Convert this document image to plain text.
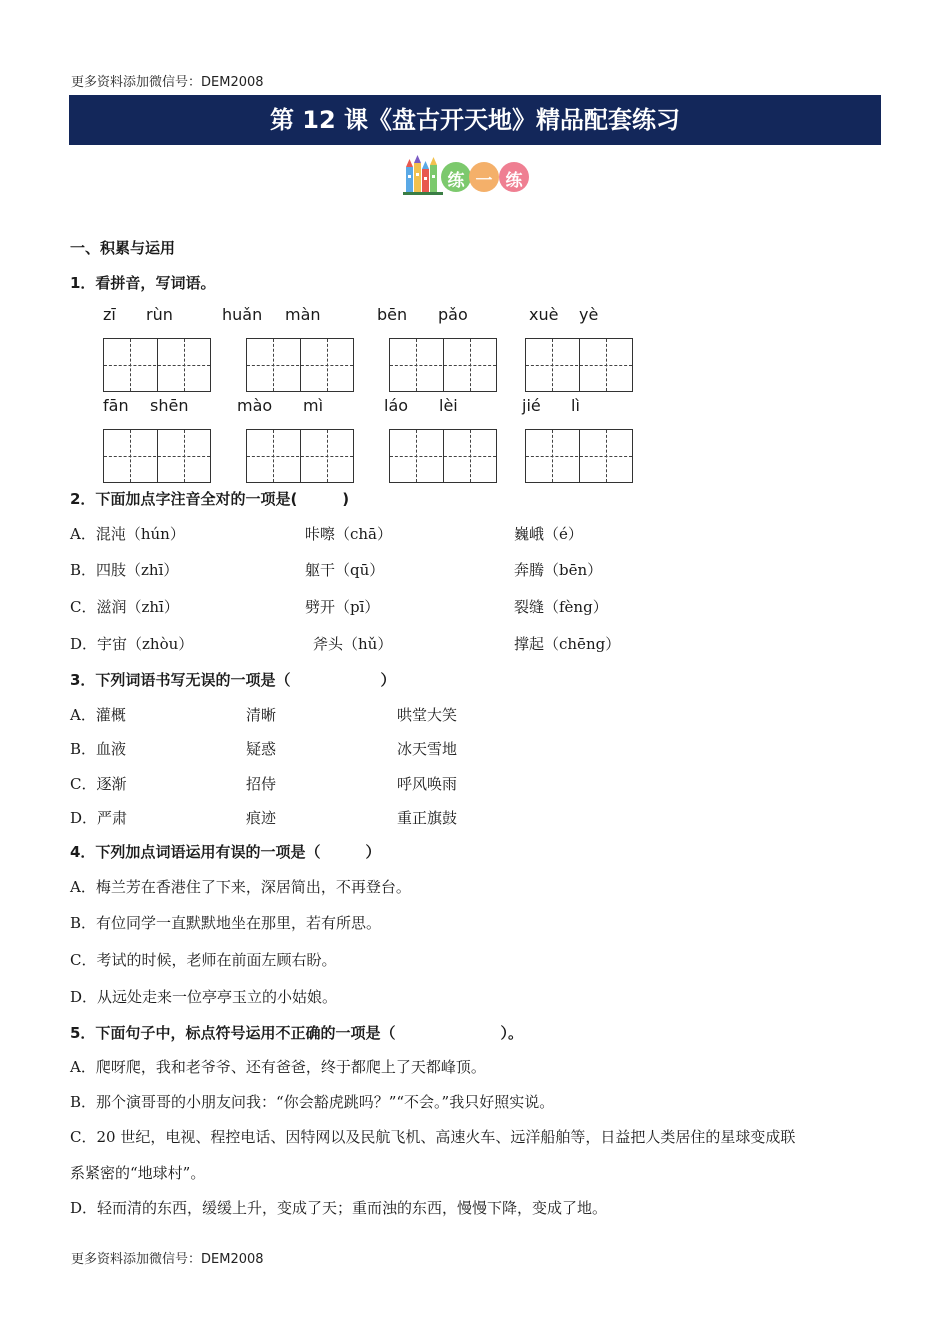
更多资料添加微信号：DEM2008
第 12 课《盘古开天地》精品配套练习
练 一 练
一、积累与运用
1．看拼音，写词语。
zī rùn	huǎn màn	bēn pǎo	xuè yè
fān shēn	mào mì	láo lèi	jié lì
2．下面加点字注音全对的一项是(　　　)
A．混沌（hún）	咔嚓（chā）	巍峨（é）
B．四肢（zhī）	躯干（qū）	奔腾（bēn）
C．滋润（zhī）	劈开（pī）	裂缝（fèng）
D．宇宙（zhòu）	斧头（hǔ）	撑起（chēng）
3．下列词语书写无误的一项是（　　　　　　）
A．灌概	清晰	哄堂大笑
B．血液	疑惑	冰天雪地
C．逐渐	招侍	呼风唤雨
D．严肃	痕迹	重正旗鼓
4．下列加点词语运用有误的一项是（　　　）
A．梅兰芳在香港住了下来，深居简出，不再登台。
B．有位同学一直默默地坐在那里，若有所思。
C．考试的时候，老师在前面左顾右盼。
D．从远处走来一位亭亭玉立的小姑娘。
5．下面句子中，标点符号运用不正确的一项是（　　　　　　　）。
A．爬呀爬，我和老爷爷、还有爸爸，终于都爬上了天都峰顶。
B．那个演哥哥的小朋友问我：“你会豁虎跳吗？”“不会。”我只好照实说。
C．20 世纪，电视、程控电话、因特网以及民航飞机、高速火车、远洋船舶等，日益把人类居住的星球变成联
系紧密的“地球村”。
D．轻而清的东西，缓缓上升，变成了天；重而浊的东西，慢慢下降，变成了地。
更多资料添加微信号：DEM2008
